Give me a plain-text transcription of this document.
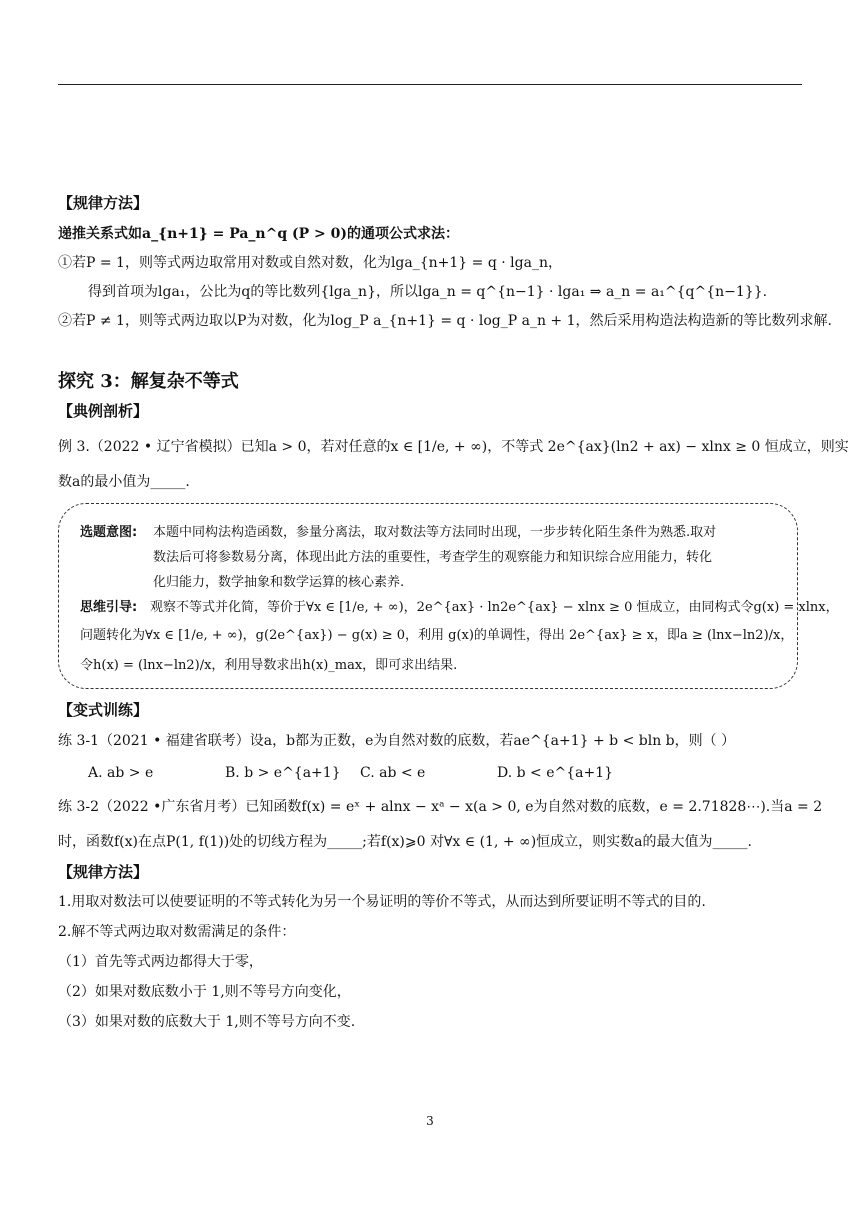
【规律方法】
递推关系式如a_{n+1} = Pa_n^q (P > 0)的通项公式求法：
①若P = 1，则等式两边取常用对数或自然对数，化为lga_{n+1} = q · lga_n，
得到首项为lga₁，公比为q的等比数列{lga_n}，所以lga_n = q^{n−1} · lga₁ ⇒ a_n = a₁^{q^{n−1}}.
②若P ≠ 1，则等式两边取以P为对数，化为log_P a_{n+1} = q · log_P a_n + 1，然后采用构造法构造新的等比数列求解.
探究 3：解复杂不等式
【典例剖析】
例 3.（2022 • 辽宁省模拟）已知a > 0，若对任意的x ∈ [1/e, + ∞)，不等式 2e^{ax}(ln2 + ax) − xlnx ≥ 0 恒成立，则实
数a的最小值为_____.
选题意图: 本题中同构法构造函数，参量分离法，取对数法等方法同时出现，一步步转化陌生条件为熟悉.取对
数法后可将参数易分离，体现出此方法的重要性，考查学生的观察能力和知识综合应用能力，转化
化归能力，数学抽象和数学运算的核心素养.
思维引导: 观察不等式并化简，等价于∀x ∈ [1/e, + ∞)，2e^{ax} · ln2e^{ax} − xlnx ≥ 0 恒成立，由同构式令g(x) = xlnx，
问题转化为∀x ∈ [1/e, + ∞)，g(2e^{ax}) − g(x) ≥ 0，利用 g(x)的单调性，得出 2e^{ax} ≥ x，即a ≥ (lnx−ln2)/x，
令h(x) = (lnx−ln2)/x，利用导数求出h(x)_max，即可求出结果.
【变式训练】
练 3-1（2021 • 福建省联考）设a，b都为正数，e为自然对数的底数，若ae^{a+1} + b < bln b，则（ ）
A. ab > e	B. b > e^{a+1} C. ab < e	D. b < e^{a+1}
练 3-2（2022 •广东省月考）已知函数f(x) = eˣ + alnx − xᵃ − x(a > 0, e为自然对数的底数，e = 2.71828⋯).当a = 2
时，函数f(x)在点P(1, f(1))处的切线方程为_____;若f(x)⩾0 对∀x ∈ (1, + ∞)恒成立，则实数a的最大值为_____.
【规律方法】
1.用取对数法可以使要证明的不等式转化为另一个易证明的等价不等式，从而达到所要证明不等式的目的.
2.解不等式两边取对数需满足的条件：
（1）首先等式两边都得大于零，
（2）如果对数底数小于 1,则不等号方向变化，
（3）如果对数的底数大于 1,则不等号方向不变.
3
